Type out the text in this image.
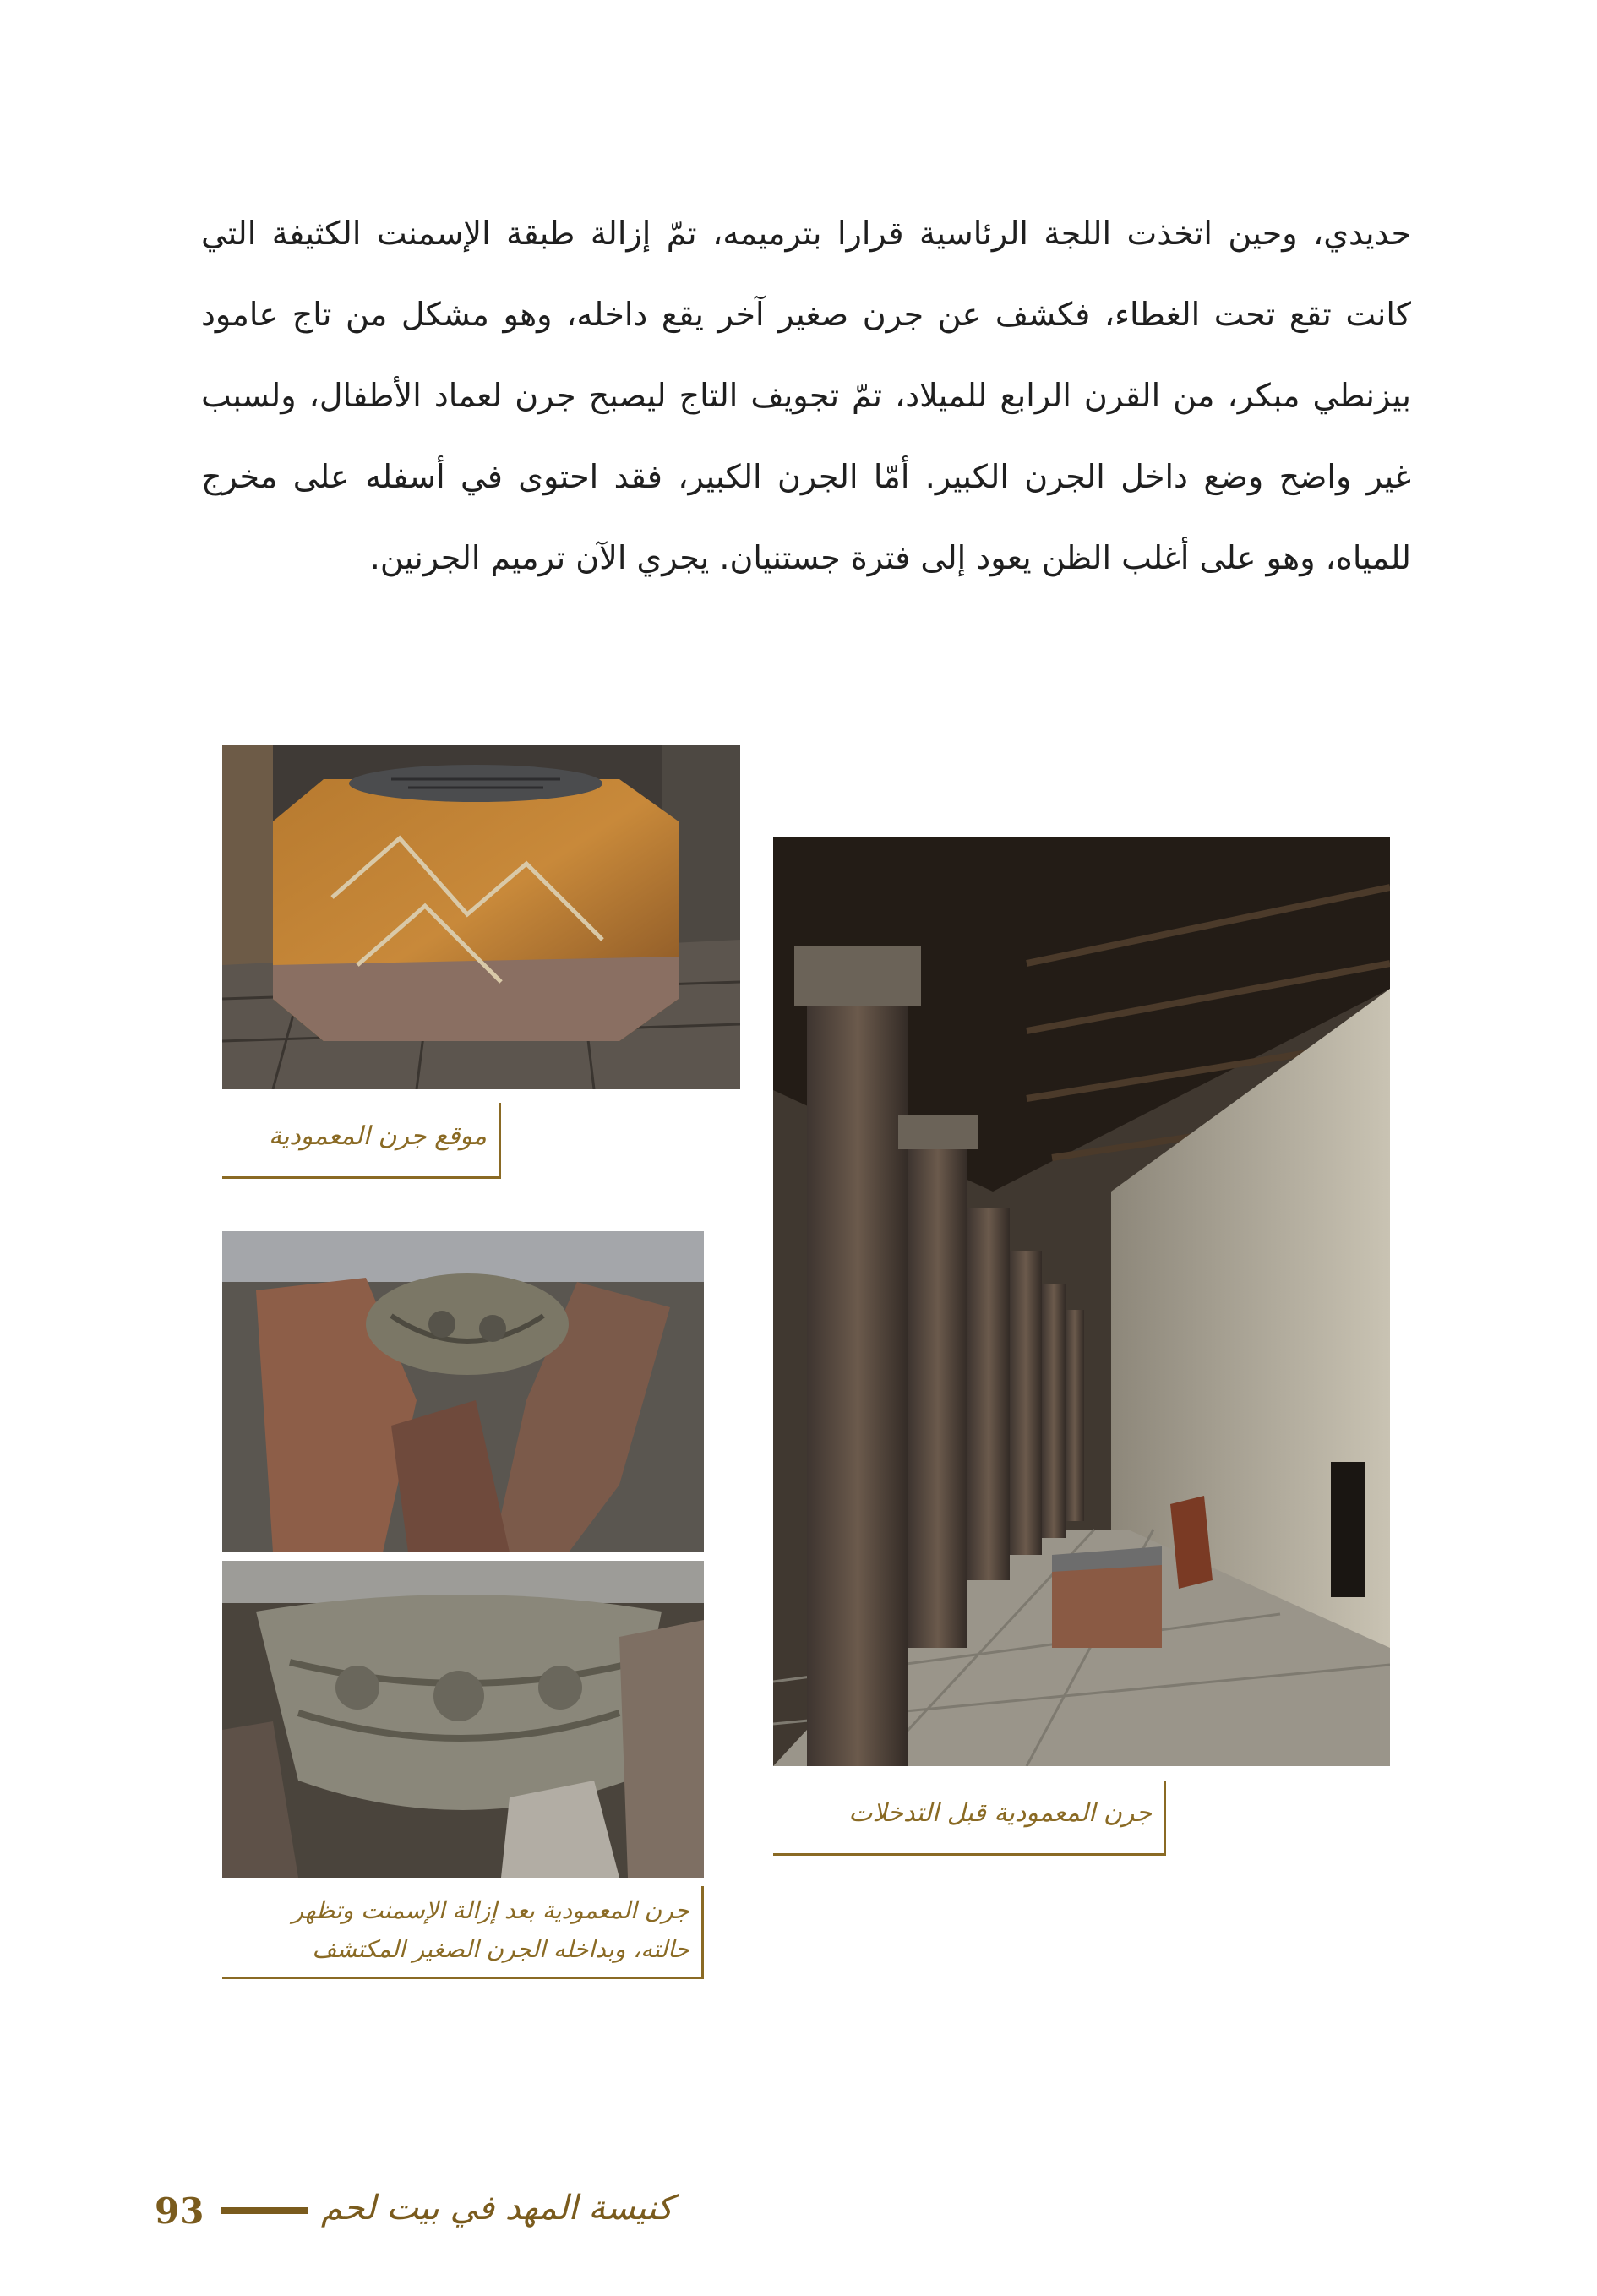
حديدي، وحين اتخذت اللجة الرئاسية قرارا بترميمه، تمّ إزالة طبقة الإسمنت الكثيفة التي كانت تقع تحت الغطاء، فكشف عن جرن صغير آخر يقع داخله، وهو مشكل من تاج عامود بيزنطي مبكر، من القرن الرابع للميلاد، تمّ تجويف التاج ليصبح جرن لعماد الأطفال، ولسبب غير واضح وضع داخل الجرن الكبير. أمّا الجرن الكبير، فقد احتوى في أسفله على مخرج للمياه، وهو على أغلب الظن يعود إلى فترة جستنيان. يجري الآن ترميم الجرنين.

موقع جرن المعمودية
جرن المعمودية بعد إزالة الإسمنت وتظهر
حالته، وبداخله الجرن الصغير المكتشف
جرن المعمودية قبل التدخلات
93	كنيسة المهد في بيت لحم
